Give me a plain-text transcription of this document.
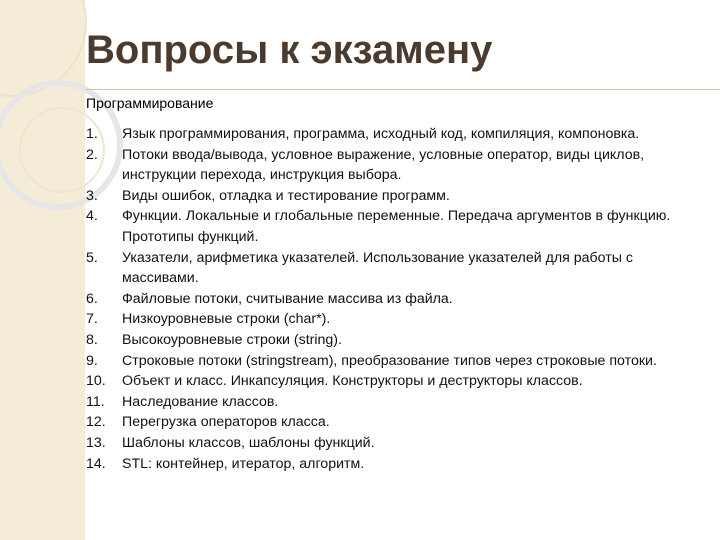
Вопросы к экзамену
Программирование
1.	Язык программирования, программа, исходный код, компиляция, компоновка.
2.	Потоки ввода/вывода, условное выражение, условные оператор, виды циклов, инструкции перехода, инструкция выбора.
3.	Виды ошибок, отладка и тестирование программ.
4.	Функции. Локальные и глобальные переменные. Передача аргументов в функцию. Прототипы функций.
5.	Указатели, арифметика указателей. Использование указателей для работы с массивами.
6.	Файловые потоки, считывание массива из файла.
7.	Низкоуровневые строки (char*).
8.	Высокоуровневые строки (string).
9.	Строковые потоки (stringstream), преобразование типов через строковые потоки.
10.	Объект и класс. Инкапсуляция. Конструкторы и деструкторы классов.
11.	Наследование классов.
12.	Перегрузка операторов класса.
13.	Шаблоны классов, шаблоны функций.
14.	STL: контейнер, итератор, алгоритм.
